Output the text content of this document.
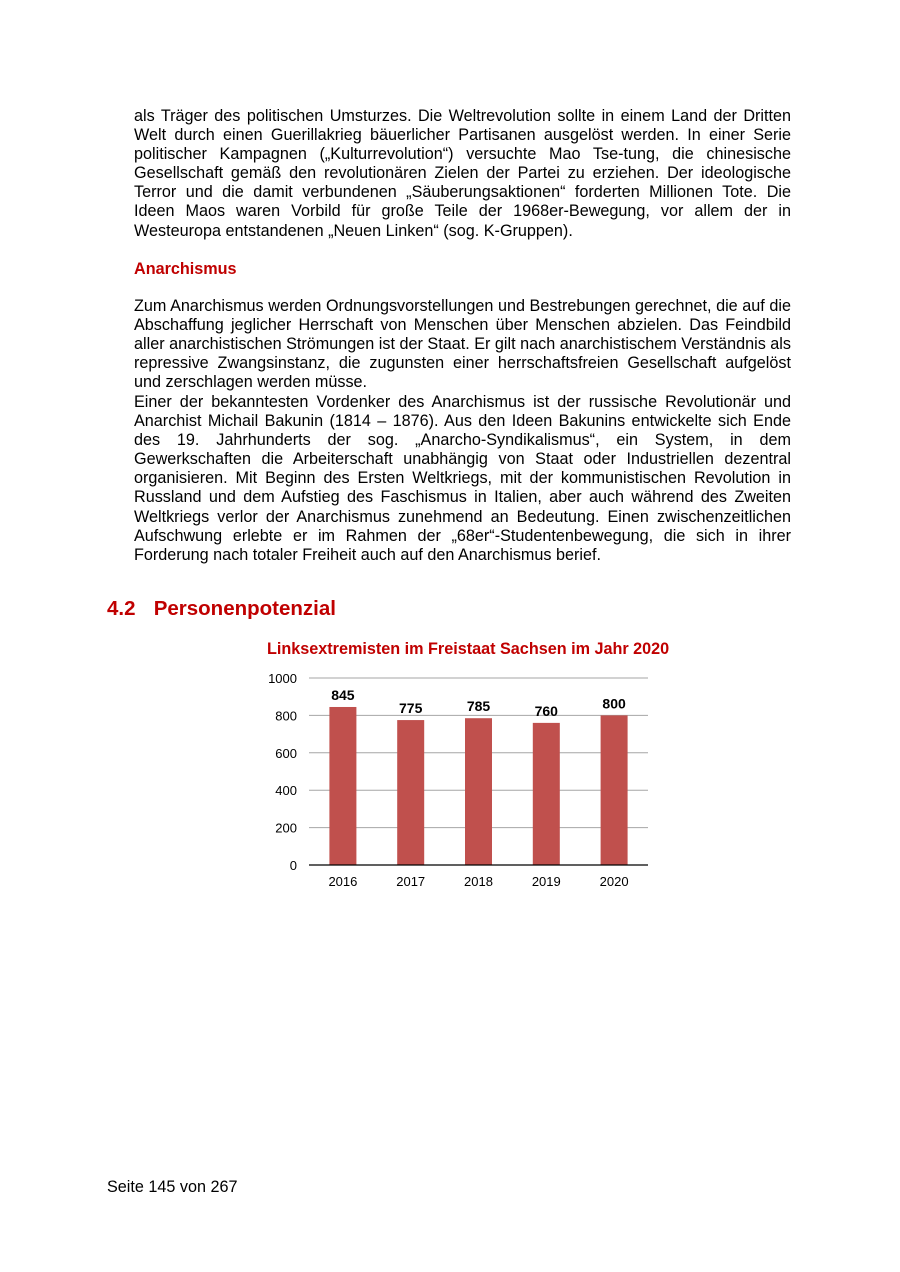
als Träger des politischen Umsturzes. Die Weltrevolution sollte in einem Land der Dritten Welt durch einen Guerillakrieg bäuerlicher Partisanen ausgelöst werden. In einer Serie politischer Kampagnen („Kulturrevolution“) versuchte Mao Tse-tung, die chinesische Gesellschaft gemäß den revolutionären Zielen der Partei zu erziehen. Der ideologische Terror und die damit verbundenen „Säuberungsaktionen“ forderten Millionen Tote. Die Ideen Maos waren Vorbild für große Teile der 1968er-Bewegung, vor allem der in Westeuropa entstandenen „Neuen Linken“ (sog. K-Gruppen).

Anarchismus

Zum Anarchismus werden Ordnungsvorstellungen und Bestrebungen gerechnet, die auf die Abschaffung jeglicher Herrschaft von Menschen über Menschen abzielen. Das Feindbild aller anarchistischen Strömungen ist der Staat. Er gilt nach anarchistischem Verständnis als repressive Zwangsinstanz, die zugunsten einer herrschaftsfreien Gesellschaft aufgelöst und zerschlagen werden müsse.

Einer der bekanntesten Vordenker des Anarchismus ist der russische Revolutionär und Anarchist Michail Bakunin (1814 – 1876). Aus den Ideen Bakunins entwickelte sich Ende des 19. Jahrhunderts der sog. „Anarcho-Syndikalismus“, ein System, in dem Gewerkschaften die Arbeiterschaft unabhängig von Staat oder Industriellen dezentral organisieren. Mit Beginn des Ersten Weltkriegs, mit der kommunistischen Revolution in Russland und dem Aufstieg des Faschismus in Italien, aber auch während des Zweiten Weltkriegs verlor der Anarchismus zunehmend an Bedeutung. Einen zwischenzeitlichen Aufschwung erlebte er im Rahmen der „68er“-Studentenbewegung, die sich in ihrer Forderung nach totaler Freiheit auch auf den Anarchismus berief.

4.2 Personenpotenzial

Linksextremisten im Freistaat Sachsen im Jahr 2020

0
200
400
600
800
1000
845
2016
775
2017
785
2018
760
2019
800
2020

Seite 145 von 267
